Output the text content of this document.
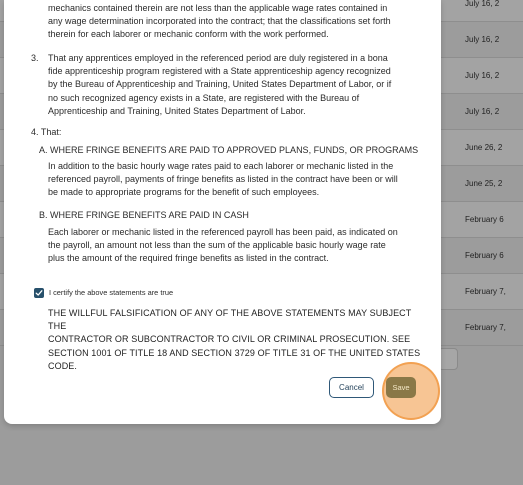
July 16, 2
July 16, 2
July 16, 2
July 16, 2
June 26, 2
June 25, 2
February 6
February 6
February 7,
February 7,
mechanics contained therein are not less than the applicable wage rates contained in
any wage determination incorporated into the contract; that the classifications set forth
therein for each laborer or mechanic conform with the work performed.
3. That any apprentices employed in the referenced period are duly registered in a bona
fide apprenticeship program registered with a State apprenticeship agency recognized
by the Bureau of Apprenticeship and Training, United States Department of Labor, or if
no such recognized agency exists in a State, are registered with the Bureau of
Apprenticeship and Training, United States Department of Labor.
4. That:
A. WHERE FRINGE BENEFITS ARE PAID TO APPROVED PLANS, FUNDS, OR PROGRAMS
In addition to the basic hourly wage rates paid to each laborer or mechanic listed in the
referenced payroll, payments of fringe benefits as listed in the contract have been or will
be made to appropriate programs for the benefit of such employees.
B. WHERE FRINGE BENEFITS ARE PAID IN CASH
Each laborer or mechanic listed in the referenced payroll has been paid, as indicated on
the payroll, an amount not less than the sum of the applicable basic hourly wage rate
plus the amount of the required fringe benefits as listed in the contract.
I certify the above statements are true
THE WILLFUL FALSIFICATION OF ANY OF THE ABOVE STATEMENTS MAY SUBJECT THE
CONTRACTOR OR SUBCONTRACTOR TO CIVIL OR CRIMINAL PROSECUTION. SEE
SECTION 1001 OF TITLE 18 AND SECTION 3729 OF TITLE 31 OF THE UNITED STATES
CODE.
Cancel	Save
